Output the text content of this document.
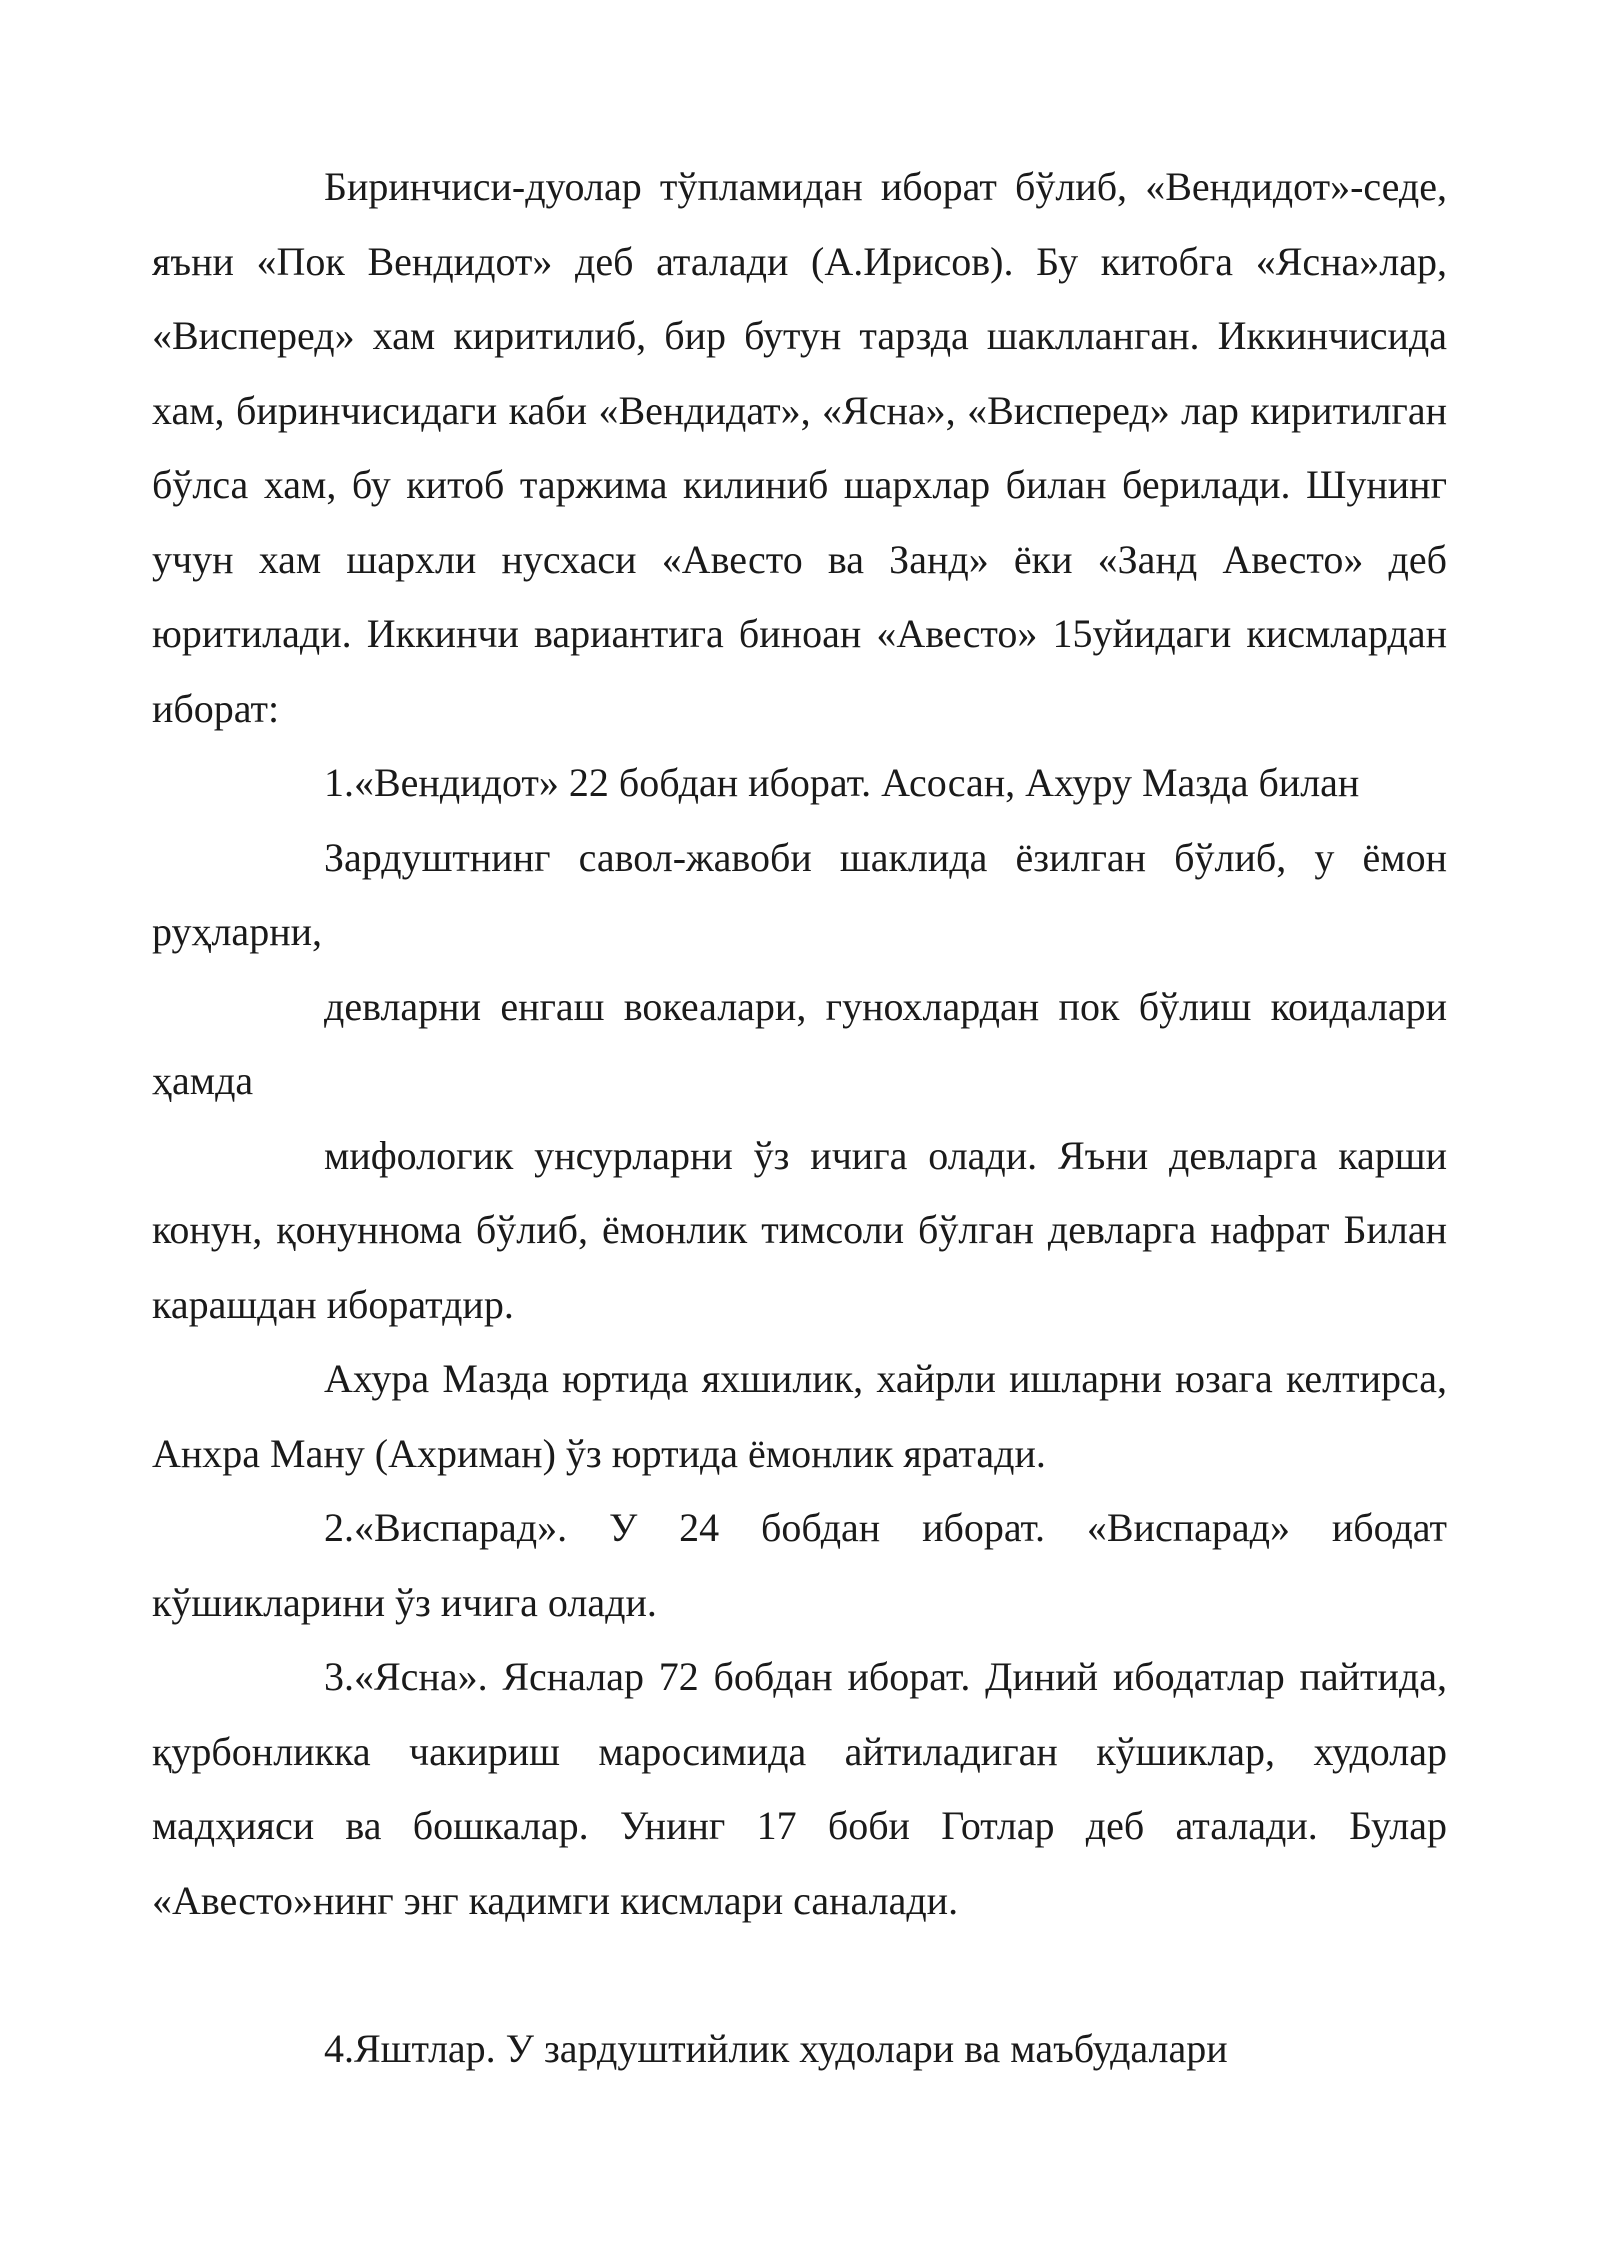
Биринчиси-дуолар тўпламидан иборат бўлиб, «Вендидот»-седе, яъни «Пок Вендидот» деб аталади (А.Ирисов). Бу китобга «Ясна»лар, «Висперед» хам киритилиб, бир бутун тарзда шаклланган. Иккинчисида хам, биринчисидаги каби «Вендидат», «Ясна», «Висперед» лар киритилган бўлса хам, бу китоб таржима килиниб шархлар билан берилади. Шунинг учун хам шархли нусхаси «Авесто ва Занд» ёки «Занд Авесто» деб юритилади. Иккинчи вариантига биноан «Авесто» 15уйидаги кисмлардан иборат:

1.«Вендидот» 22 бобдан иборат. Асосан, Ахуру Мазда билан

Зардуштнинг савол-жавоби шаклида ёзилган бўлиб, у ёмон руҳларни,

девларни енгаш вокеалари, гунохлардан пок бўлиш коидалари ҳамда

мифологик унсурларни ўз ичига олади. Яъни девларга карши конун, қонуннома бўлиб, ёмонлик тимсоли бўлган девларга нафрат Билан карашдан иборатдир.

Ахура Мазда юртида яхшилик, хайрли ишларни юзага келтирса, Анхра Ману (Ахриман) ўз юртида ёмонлик яратади.

2.«Виспарад». У 24 бобдан иборат. «Виспарад» ибодат кўшикларини ўз ичига олади.

3.«Ясна». Ясналар 72 бобдан иборат. Диний ибодатлар пайтида, қурбонликка чакириш маросимида айтиладиган кўшиклар, худолар мадҳияси ва бошкалар. Унинг 17 боби Готлар деб аталади. Булар «Авесто»нинг энг кадимги кисмлари саналади.

4.Яштлар. У зардуштийлик худолари ва маъбудалари
